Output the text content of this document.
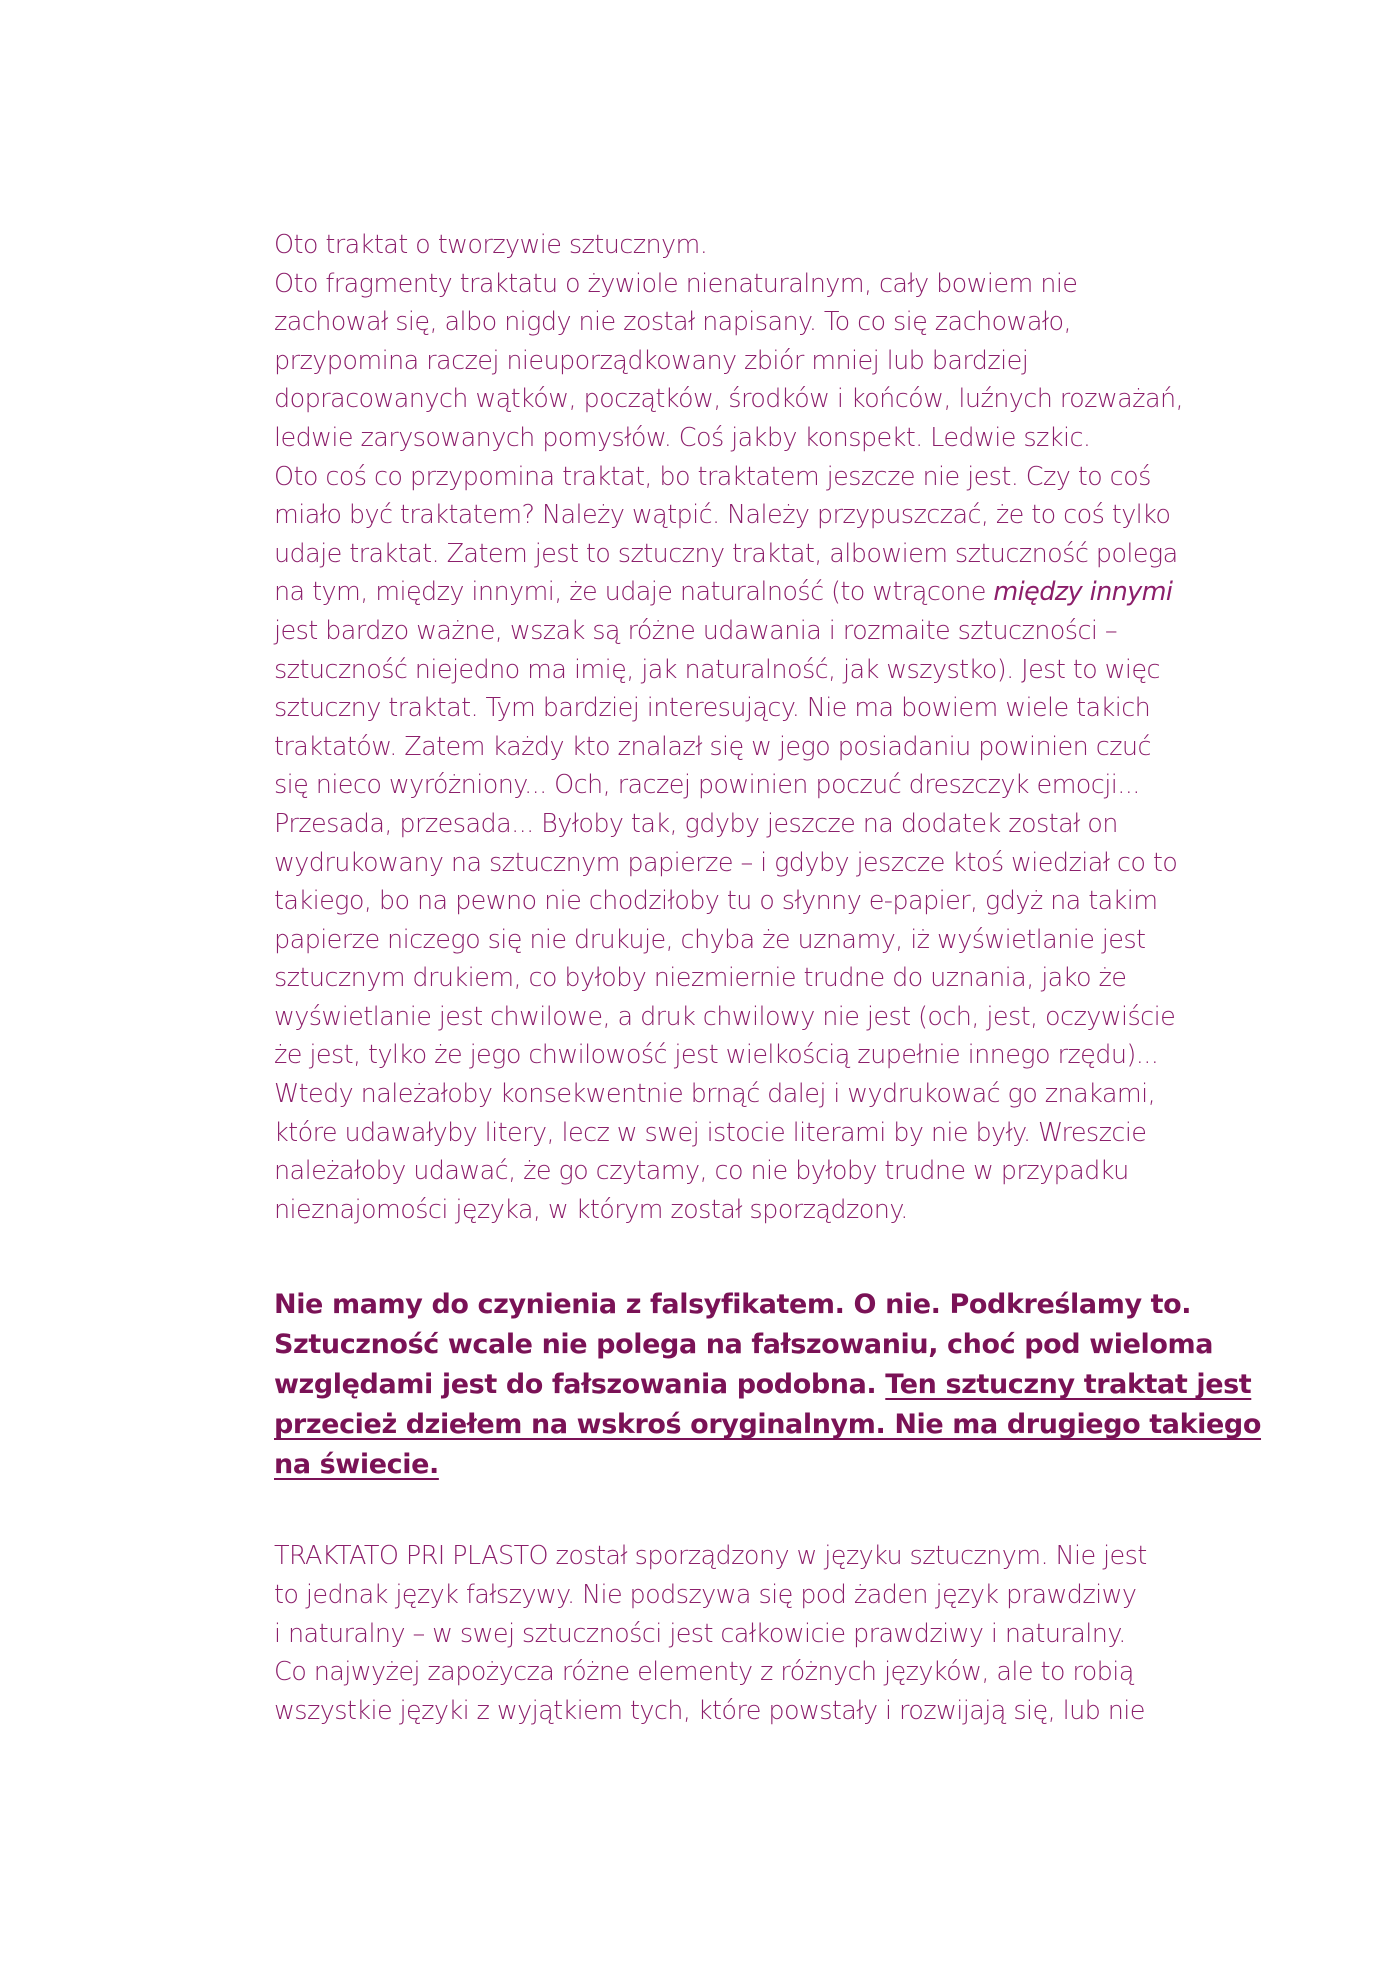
Oto traktat o tworzywie sztucznym.
Oto fragmenty traktatu o żywiole nienaturalnym, cały bowiem nie
zachował się, albo nigdy nie został napisany. To co się zachowało,
przypomina raczej nieuporządkowany zbiór mniej lub bardziej
dopracowanych wątków, początków, środków i końców, luźnych rozważań,
ledwie zarysowanych pomysłów. Coś jakby konspekt. Ledwie szkic.
Oto coś co przypomina traktat, bo traktatem jeszcze nie jest. Czy to coś
miało być traktatem? Należy wątpić. Należy przypuszczać, że to coś tylko
udaje traktat. Zatem jest to sztuczny traktat, albowiem sztuczność polega
na tym, między innymi, że udaje naturalność (to wtrącone między innymi
jest bardzo ważne, wszak są różne udawania i rozmaite sztuczności –
sztuczność niejedno ma imię, jak naturalność, jak wszystko). Jest to więc
sztuczny traktat. Tym bardziej interesujący. Nie ma bowiem wiele takich
traktatów. Zatem każdy kto znalazł się w jego posiadaniu powinien czuć
się nieco wyróżniony... Och, raczej powinien poczuć dreszczyk emocji...
Przesada, przesada... Byłoby tak, gdyby jeszcze na dodatek został on
wydrukowany na sztucznym papierze – i gdyby jeszcze ktoś wiedział co to
takiego, bo na pewno nie chodziłoby tu o słynny e-papier, gdyż na takim
papierze niczego się nie drukuje, chyba że uznamy, iż wyświetlanie jest
sztucznym drukiem, co byłoby niezmiernie trudne do uznania, jako że
wyświetlanie jest chwilowe, a druk chwilowy nie jest (och, jest, oczywiście
że jest, tylko że jego chwilowość jest wielkością zupełnie innego rzędu)...
Wtedy należałoby konsekwentnie brnąć dalej i wydrukować go znakami,
które udawałyby litery, lecz w swej istocie literami by nie były. Wreszcie
należałoby udawać, że go czytamy, co nie byłoby trudne w przypadku
nieznajomości języka, w którym został sporządzony.
Nie mamy do czynienia z falsyfikatem. O nie. Podkreślamy to.
Sztuczność wcale nie polega na fałszowaniu, choć pod wieloma
względami jest do fałszowania podobna. Ten sztuczny traktat jest
przecież dziełem na wskroś oryginalnym. Nie ma drugiego takiego
na świecie.
TRAKTATO PRI PLASTO został sporządzony w języku sztucznym. Nie jest
to jednak język fałszywy. Nie podszywa się pod żaden język prawdziwy
i naturalny – w swej sztuczności jest całkowicie prawdziwy i naturalny.
Co najwyżej zapożycza różne elementy z różnych języków, ale to robią
wszystkie języki z wyjątkiem tych, które powstały i rozwijają się, lub nie
